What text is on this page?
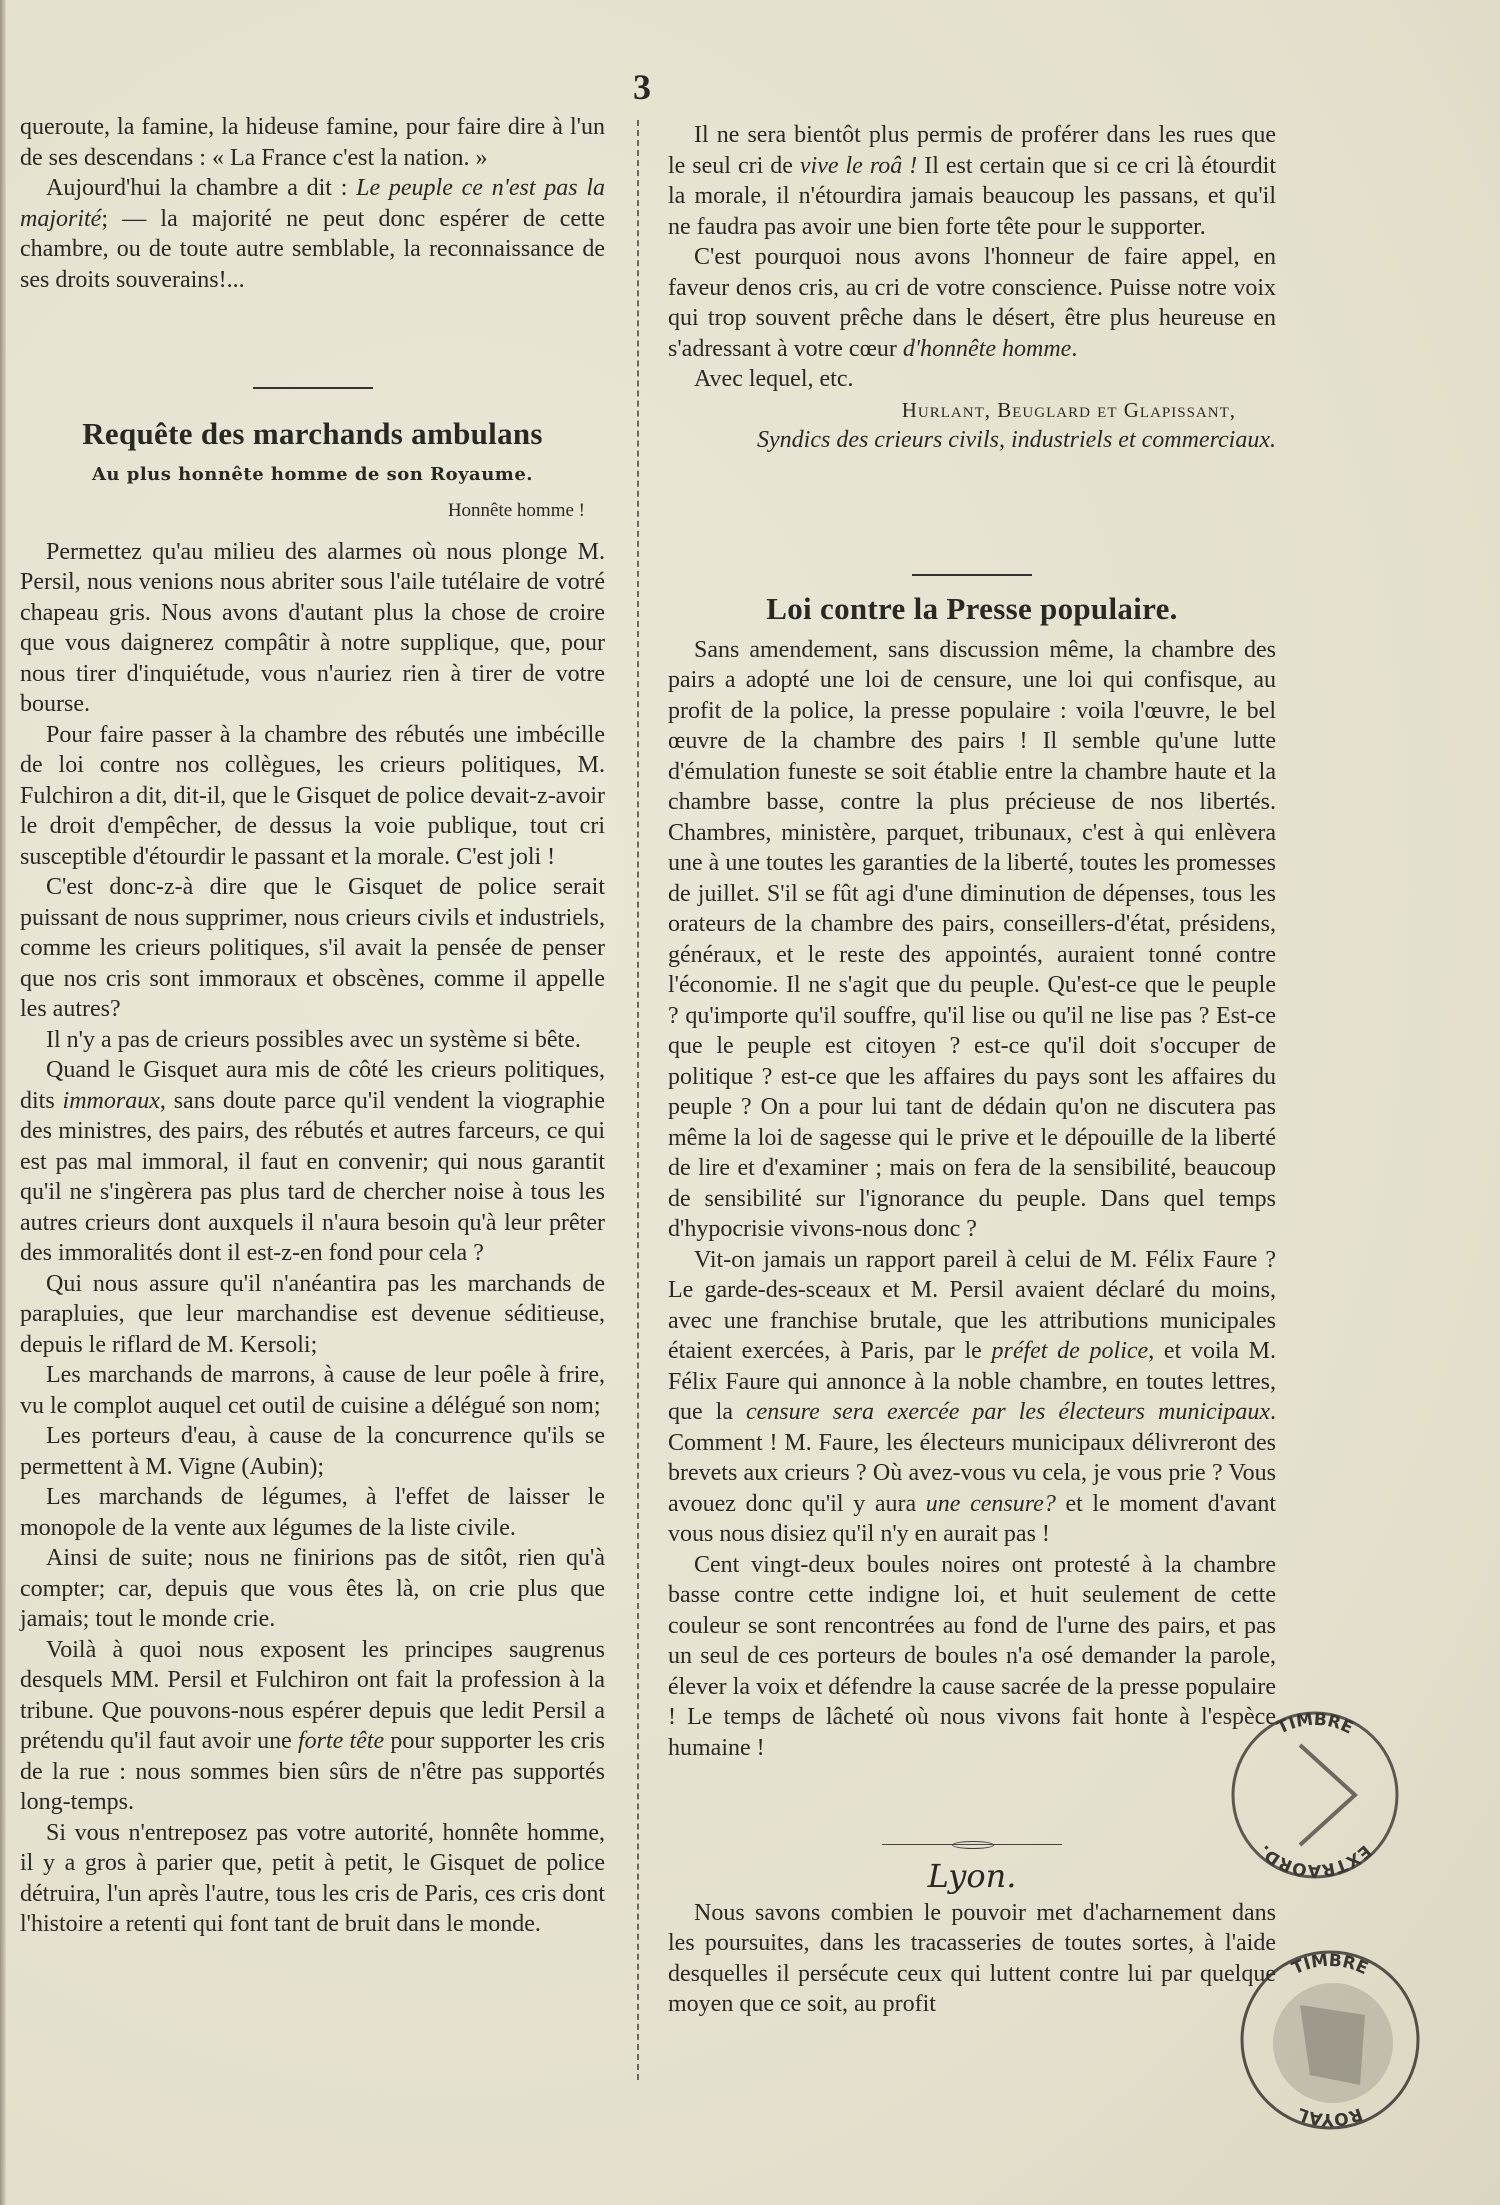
3

queroute, la famine, la hideuse famine, pour faire dire à l'un de ses descendans : « La France c'est la nation. »

Aujourd'hui la chambre a dit : Le peuple ce n'est pas la majorité; — la majorité ne peut donc espérer de cette chambre, ou de toute autre semblable, la reconnaissance de ses droits souverains!...

Requête des marchands ambulans
Au plus honnête homme de son Royaume.
Honnête homme !

Permettez qu'au milieu des alarmes où nous plonge M. Persil, nous venions nous abriter sous l'aile tutélaire de votré chapeau gris. Nous avons d'autant plus la chose de croire que vous daignerez compâtir à notre supplique, que, pour nous tirer d'inquiétude, vous n'auriez rien à tirer de votre bourse.

Pour faire passer à la chambre des rébutés une imbécille de loi contre nos collègues, les crieurs politiques, M. Fulchiron a dit, dit-il, que le Gisquet de police devait-z-avoir le droit d'empêcher, de dessus la voie publique, tout cri susceptible d'étourdir le passant et la morale. C'est joli !

C'est donc-z-à dire que le Gisquet de police serait puissant de nous supprimer, nous crieurs civils et industriels, comme les crieurs politiques, s'il avait la pensée de penser que nos cris sont immoraux et obscènes, comme il appelle les autres?

Il n'y a pas de crieurs possibles avec un système si bête.

Quand le Gisquet aura mis de côté les crieurs politiques, dits immoraux, sans doute parce qu'il vendent la viographie des ministres, des pairs, des rébutés et autres farceurs, ce qui est pas mal immoral, il faut en convenir; qui nous garantit qu'il ne s'ingèrera pas plus tard de chercher noise à tous les autres crieurs dont auxquels il n'aura besoin qu'à leur prêter des immoralités dont il est-z-en fond pour cela ?

Qui nous assure qu'il n'anéantira pas les marchands de parapluies, que leur marchandise est devenue séditieuse, depuis le riflard de M. Kersoli;

Les marchands de marrons, à cause de leur poêle à frire, vu le complot auquel cet outil de cuisine a délégué son nom;

Les porteurs d'eau, à cause de la concurrence qu'ils se permettent à M. Vigne (Aubin);

Les marchands de légumes, à l'effet de laisser le monopole de la vente aux légumes de la liste civile.

Ainsi de suite; nous ne finirions pas de sitôt, rien qu'à compter; car, depuis que vous êtes là, on crie plus que jamais; tout le monde crie.

Voilà à quoi nous exposent les principes saugrenus desquels MM. Persil et Fulchiron ont fait la profession à la tribune. Que pouvons-nous espérer depuis que ledit Persil a prétendu qu'il faut avoir une forte tête pour supporter les cris de la rue : nous sommes bien sûrs de n'être pas supportés long-temps.

Si vous n'entreposez pas votre autorité, honnête homme, il y a gros à parier que, petit à petit, le Gisquet de police détruira, l'un après l'autre, tous les cris de Paris, ces cris dont l'histoire a retenti qui font tant de bruit dans le monde.

Il ne sera bientôt plus permis de proférer dans les rues que le seul cri de vive le roâ ! Il est certain que si ce cri là étourdit la morale, il n'étourdira jamais beaucoup les passans, et qu'il ne faudra pas avoir une bien forte tête pour le supporter.

C'est pourquoi nous avons l'honneur de faire appel, en faveur denos cris, au cri de votre conscience. Puisse notre voix qui trop souvent prêche dans le désert, être plus heureuse en s'adressant à votre cœur d'honnête homme.

Avec lequel, etc.

Hurlant, Beuglard et Glapissant,
Syndics des crieurs civils, industriels et commerciaux.
Loi contre la Presse populaire.

Sans amendement, sans discussion même, la chambre des pairs a adopté une loi de censure, une loi qui confisque, au profit de la police, la presse populaire : voila l'œuvre, le bel œuvre de la chambre des pairs ! Il semble qu'une lutte d'émulation funeste se soit établie entre la chambre haute et la chambre basse, contre la plus précieuse de nos libertés. Chambres, ministère, parquet, tribunaux, c'est à qui enlèvera une à une toutes les garanties de la liberté, toutes les promesses de juillet. S'il se fût agi d'une diminution de dépenses, tous les orateurs de la chambre des pairs, conseillers-d'état, présidens, généraux, et le reste des appointés, auraient tonné contre l'économie. Il ne s'agit que du peuple. Qu'est-ce que le peuple ? qu'importe qu'il souffre, qu'il lise ou qu'il ne lise pas ? Est-ce que le peuple est citoyen ? est-ce qu'il doit s'occuper de politique ? est-ce que les affaires du pays sont les affaires du peuple ? On a pour lui tant de dédain qu'on ne discutera pas même la loi de sagesse qui le prive et le dépouille de la liberté de lire et d'examiner ; mais on fera de la sensibilité, beaucoup de sensibilité sur l'ignorance du peuple. Dans quel temps d'hypocrisie vivons-nous donc ?

Vit-on jamais un rapport pareil à celui de M. Félix Faure ? Le garde-des-sceaux et M. Persil avaient déclaré du moins, avec une franchise brutale, que les attributions municipales étaient exercées, à Paris, par le préfet de police, et voila M. Félix Faure qui annonce à la noble chambre, en toutes lettres, que la censure sera exercée par les électeurs municipaux. Comment ! M. Faure, les électeurs municipaux délivreront des brevets aux crieurs ? Où avez-vous vu cela, je vous prie ? Vous avouez donc qu'il y aura une censure? et le moment d'avant vous nous disiez qu'il n'y en aurait pas !

Cent vingt-deux boules noires ont protesté à la chambre basse contre cette indigne loi, et huit seulement de cette couleur se sont rencontrées au fond de l'urne des pairs, et pas un seul de ces porteurs de boules n'a osé demander la parole, élever la voix et défendre la cause sacrée de la presse populaire ! Le temps de lâcheté où nous vivons fait honte à l'espèce humaine !

Lyon.

Nous savons combien le pouvoir met d'acharnement dans les poursuites, dans les tracasseries de toutes sortes, à l'aide desquelles il persécute ceux qui luttent contre lui par quelque moyen que ce soit, au profit

TIMBRE
EXTRAORD.
TIMBRE
ROYAL
